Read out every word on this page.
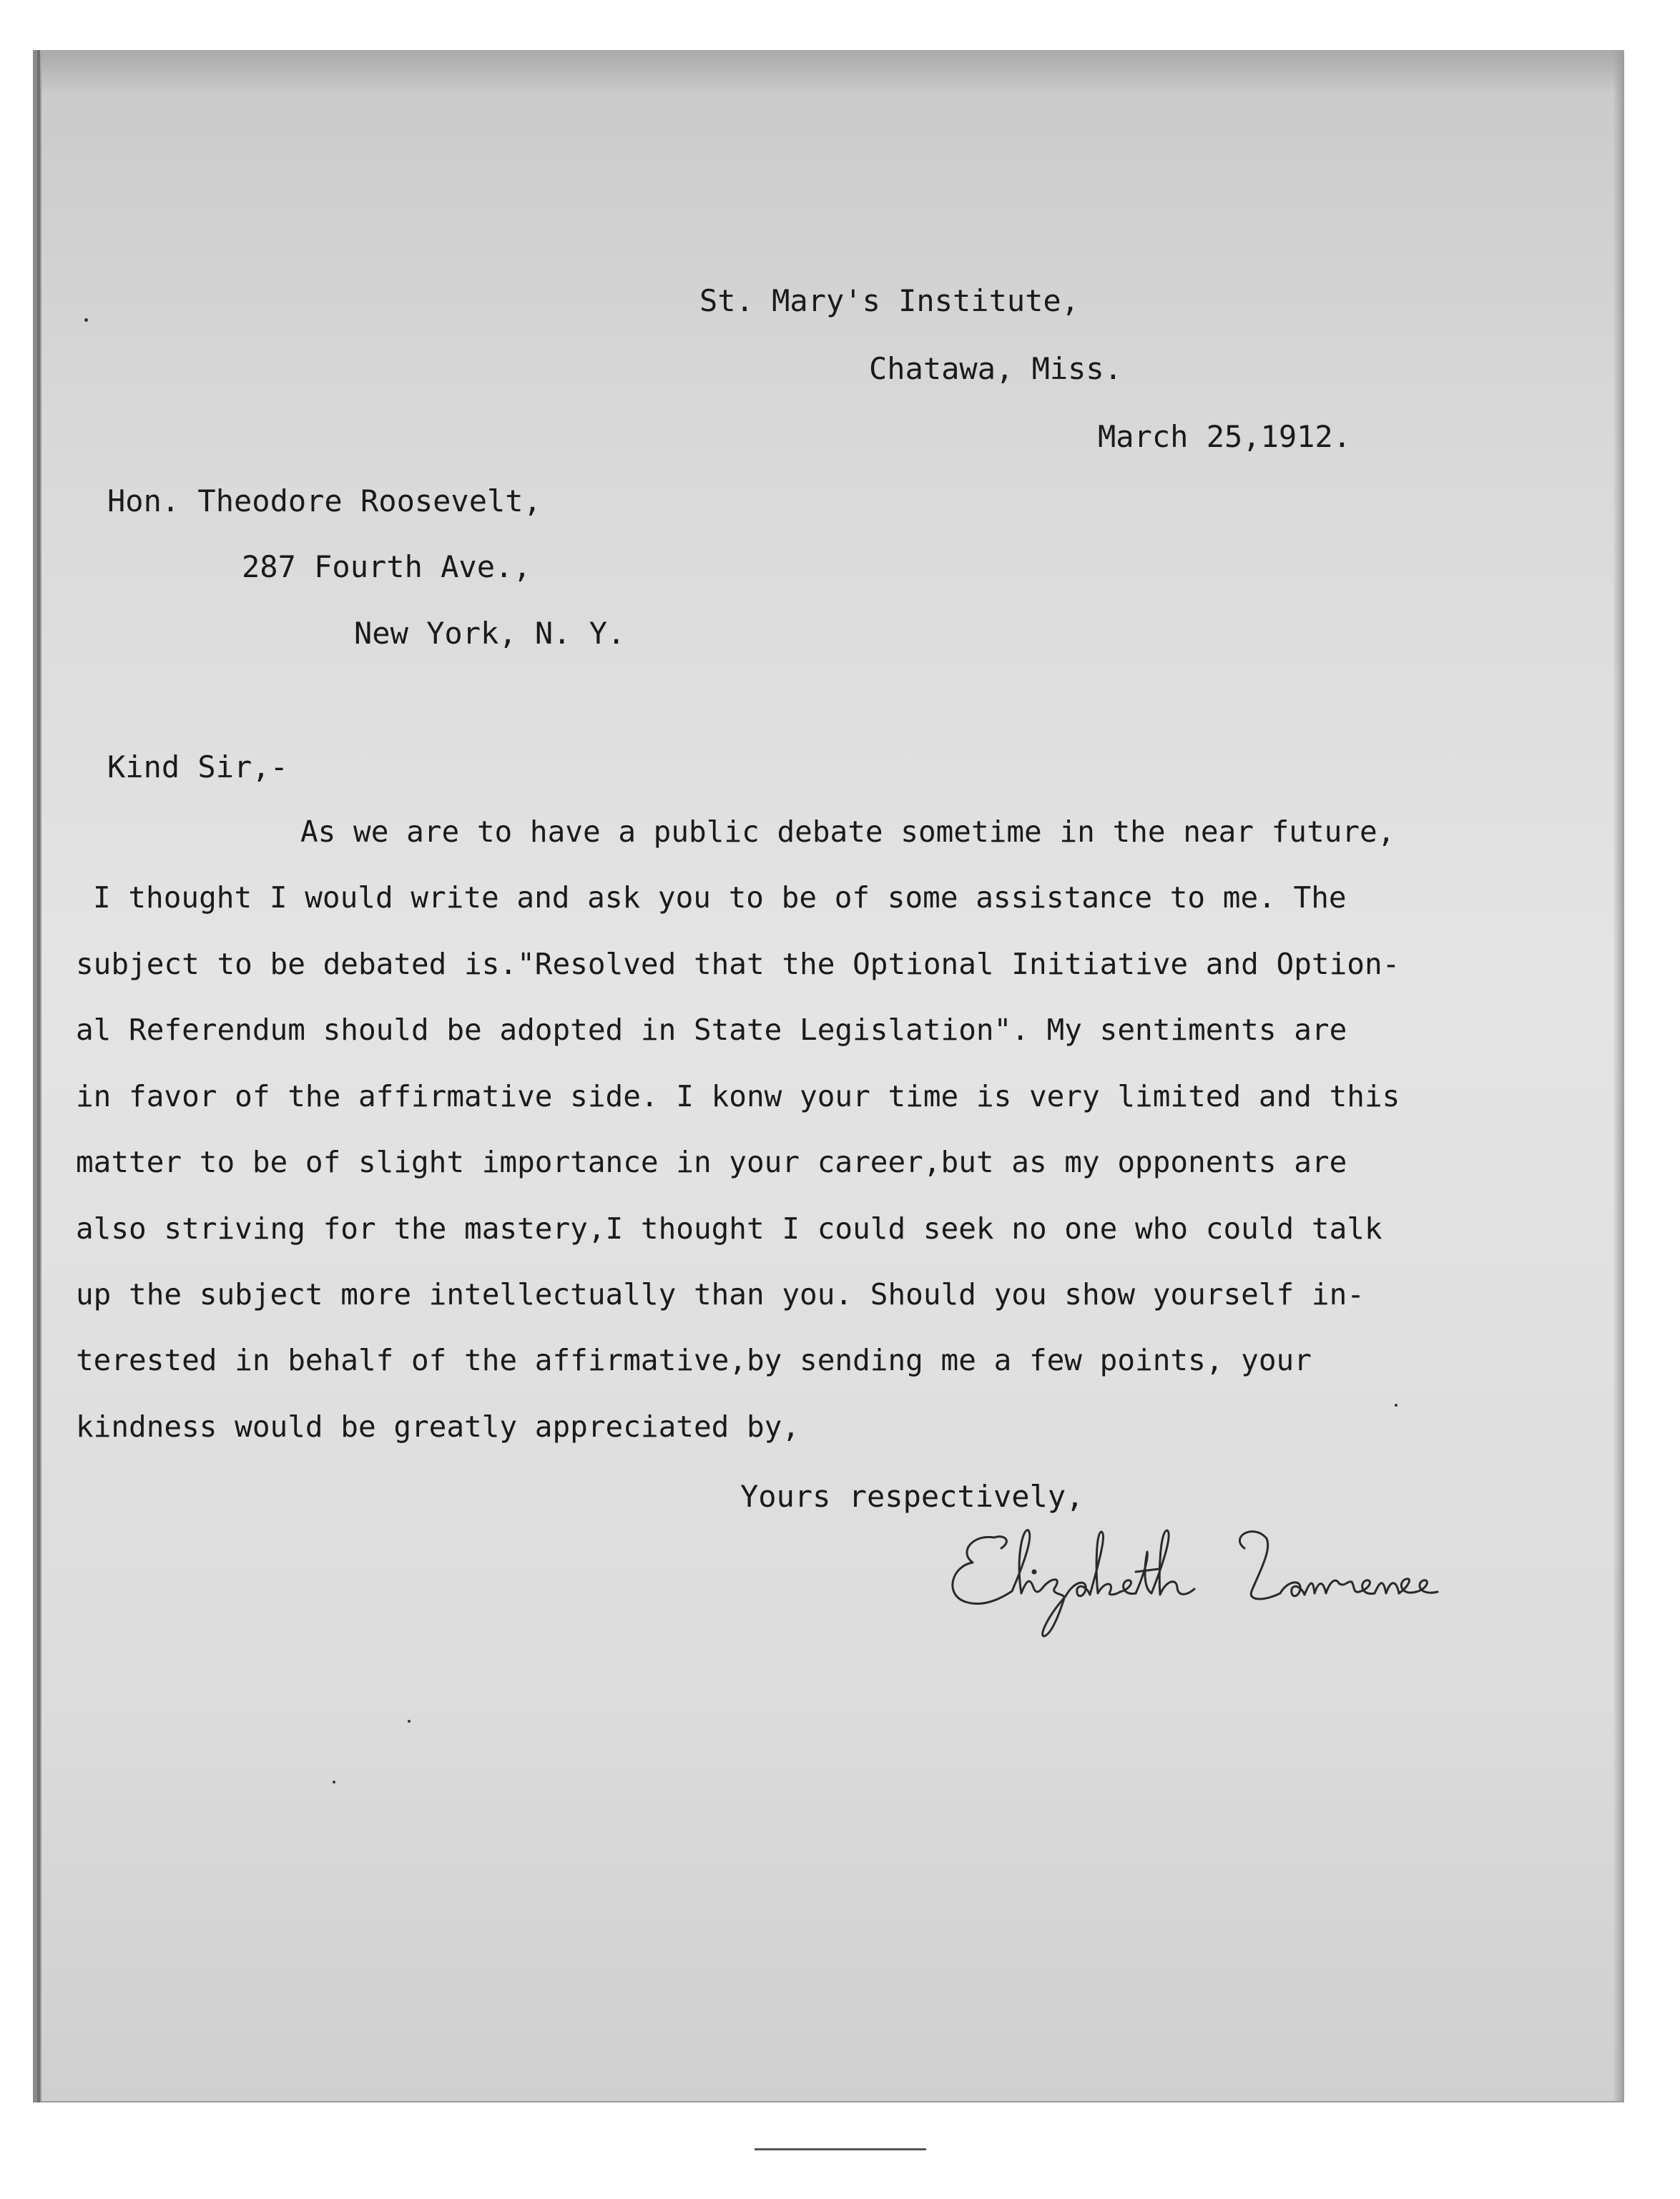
St. Mary's Institute,

Chatawa, Miss.

March 25,1912.

Hon. Theodore Roosevelt,

287 Fourth Ave.,

New York, N. Y.

Kind Sir,-

As we are to have a public debate sometime in the near future,

I thought I would write and ask you to be of some assistance to me. The

subject to be debated is."Resolved that the Optional Initiative and Option-

al Referendum should be adopted in State Legislation". My sentiments are

in favor of the affirmative side. I konw your time is very limited and this

matter to be of slight importance in your career,but as my opponents are

also striving for the mastery,I thought I could seek no one who could talk

up the subject more intellectually than you. Should you show yourself in-

terested in behalf of the affirmative,by sending me a few points, your

kindness would be greatly appreciated by,

Yours respectively,
